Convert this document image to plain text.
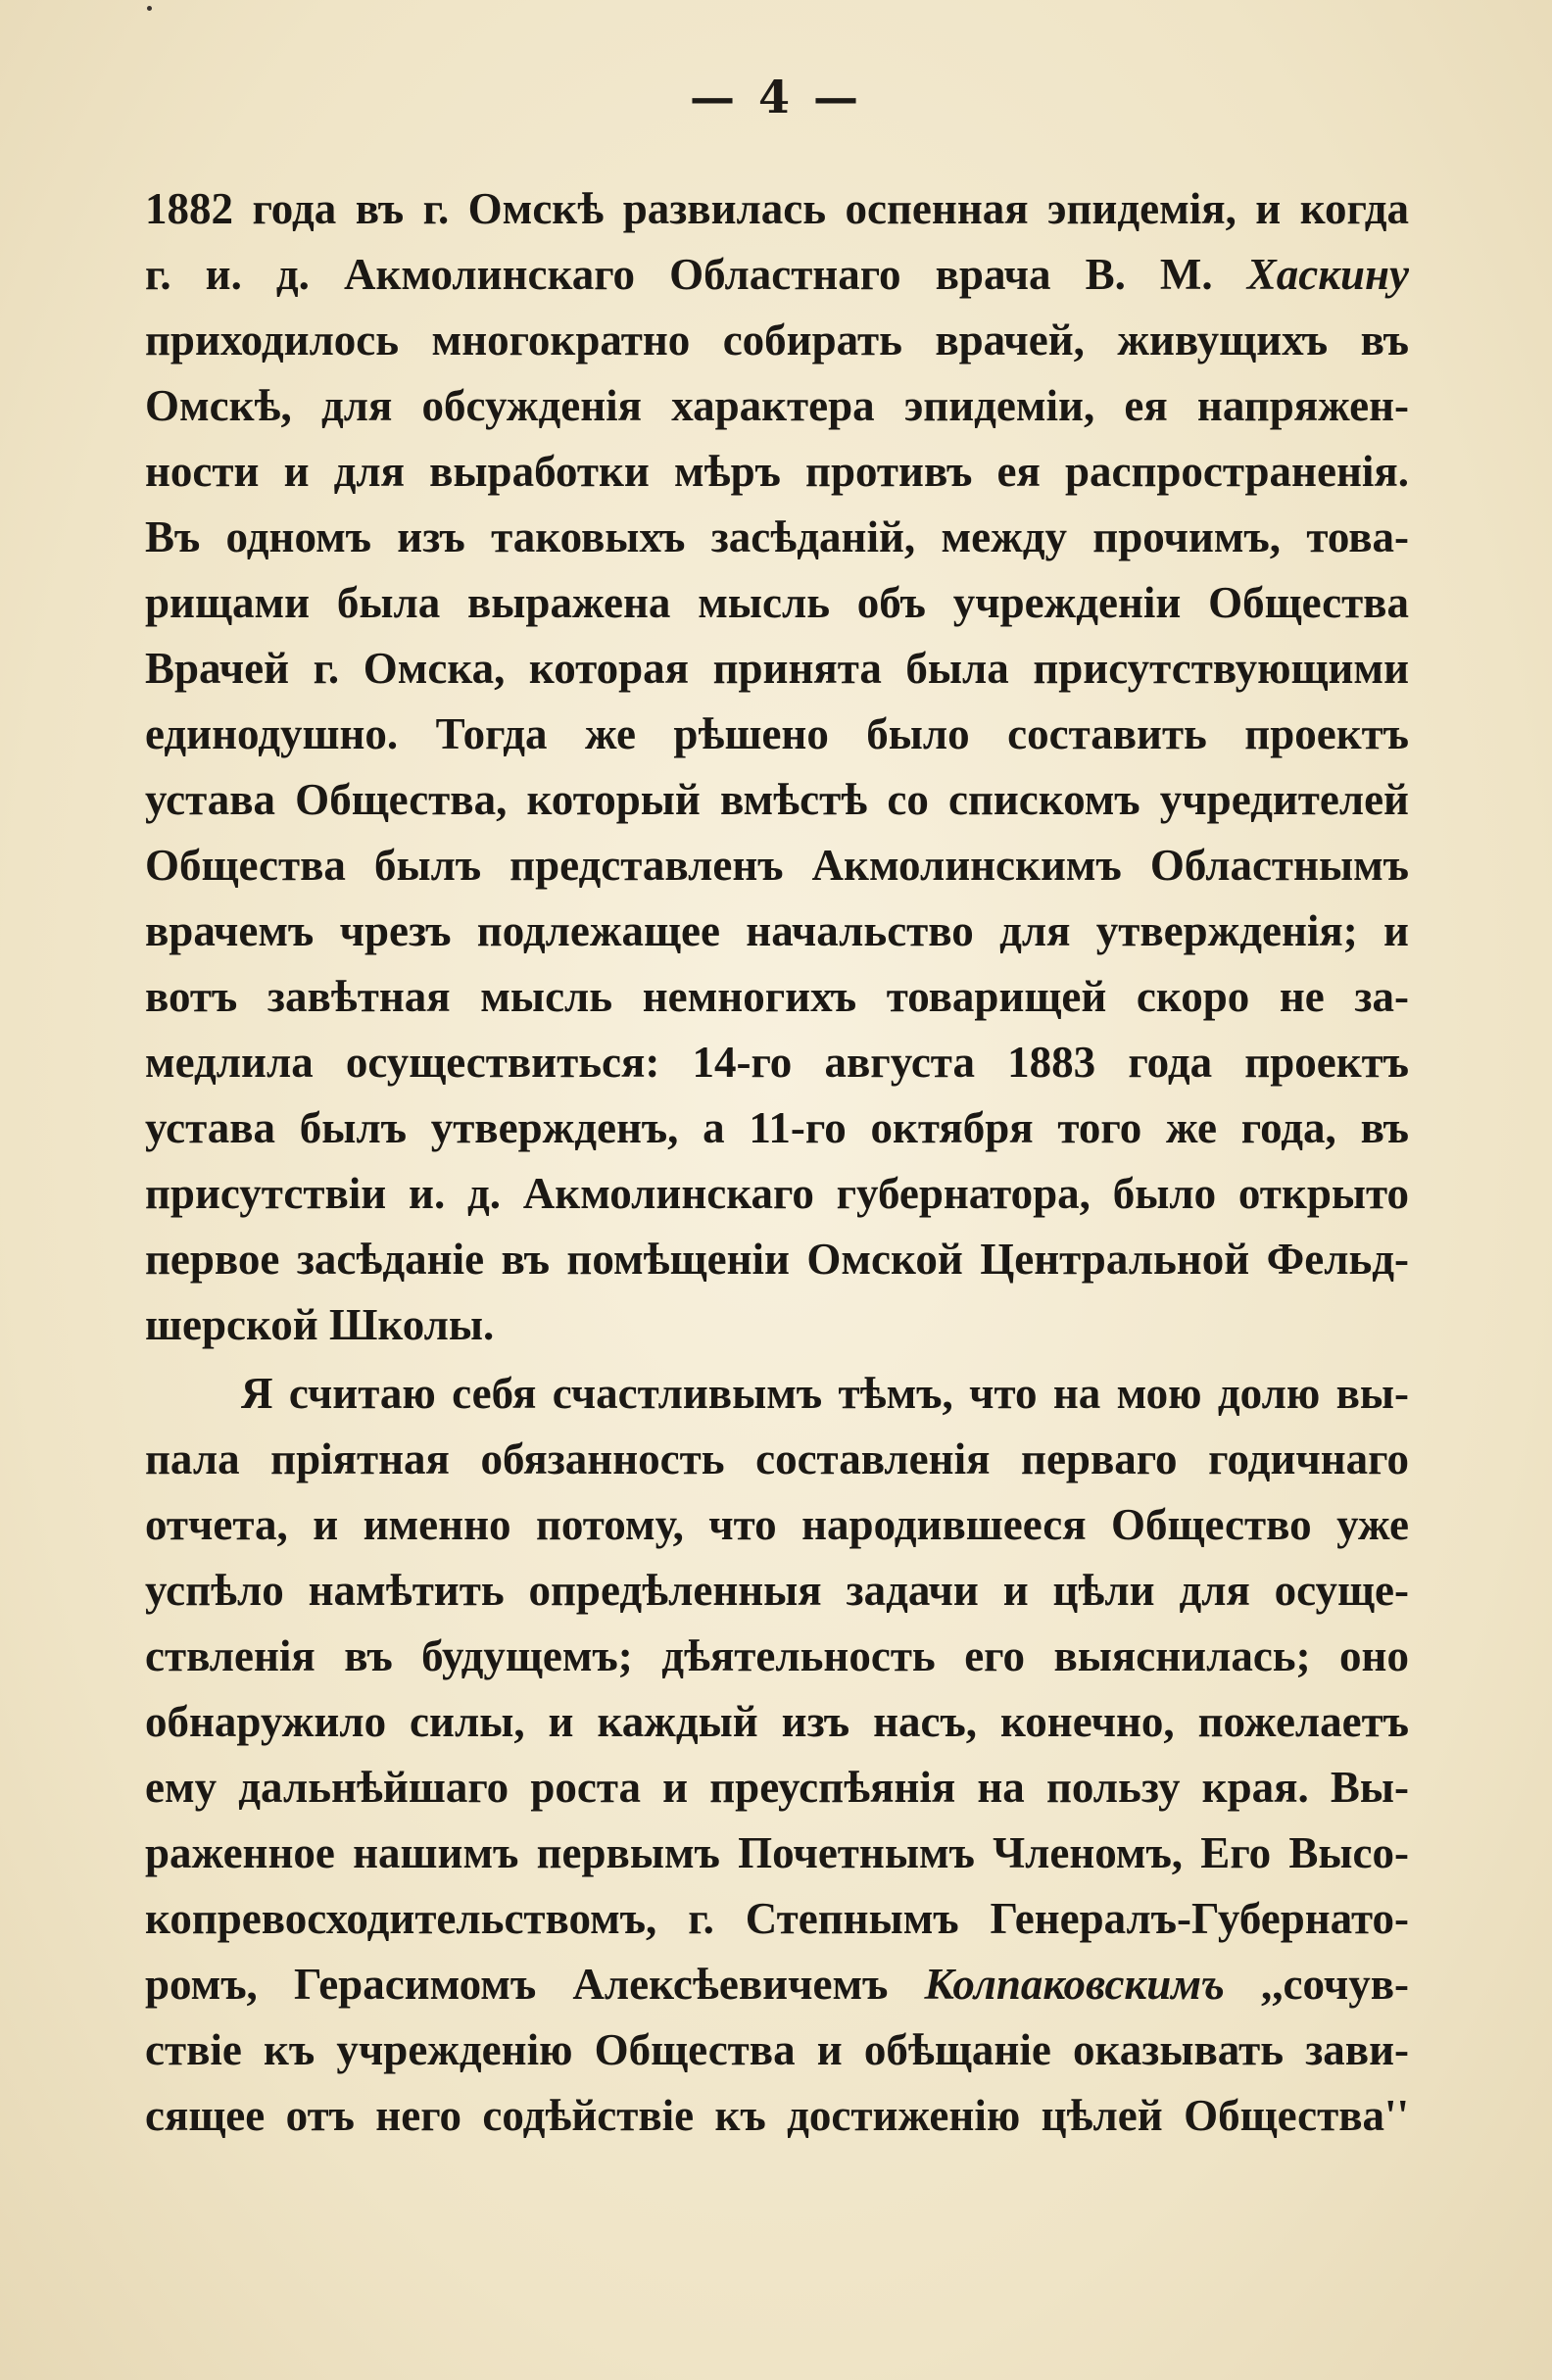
— 4 —
1882 года въ г. Омскѣ развилась оспенная эпидемія, и когда
г. и. д. Акмолинскаго Областнаго врача В. М. Хаскину
приходилось многократно собирать врачей, живущихъ въ
Омскѣ, для обсужденія характера эпидеміи, ея напряжен-
ности и для выработки мѣръ противъ ея распространенія.
Въ одномъ изъ таковыхъ засѣданій, между прочимъ, това-
рищами была выражена мысль объ учрежденіи Общества
Врачей г. Омска, которая принята была присутствующими
единодушно. Тогда же рѣшено было составить проектъ
устава Общества, который вмѣстѣ со спискомъ учредителей
Общества былъ представленъ Акмолинскимъ Областнымъ
врачемъ чрезъ подлежащее начальство для утвержденія; и
вотъ завѣтная мысль немногихъ товарищей скоро не за-
медлила осуществиться: 14-го августа 1883 года проектъ
устава былъ утвержденъ, а 11-го октября того же года, въ
присутствіи и. д. Акмолинскаго губернатора, было открыто
первое засѣданіе въ помѣщеніи Омской Центральной Фельд-
шерской Школы.
Я считаю себя счастливымъ тѣмъ, что на мою долю вы-
пала пріятная обязанность составленія перваго годичнаго
отчета, и именно потому, что народившееся Общество уже
успѣло намѣтить опредѣленныя задачи и цѣли для осуще-
ствленія въ будущемъ; дѣятельность его выяснилась; оно
обнаружило силы, и каждый изъ насъ, конечно, пожелаетъ
ему дальнѣйшаго роста и преуспѣянія на пользу края. Вы-
раженное нашимъ первымъ Почетнымъ Членомъ, Его Высо-
копревосходительствомъ, г. Степнымъ Генералъ-Губернато-
ромъ, Герасимомъ Алексѣевичемъ Колпаковскимъ ,,сочув-
ствіе къ учрежденію Общества и обѣщаніе оказывать зави-
сящее отъ него содѣйствіе къ достиженію цѣлей Общества''
